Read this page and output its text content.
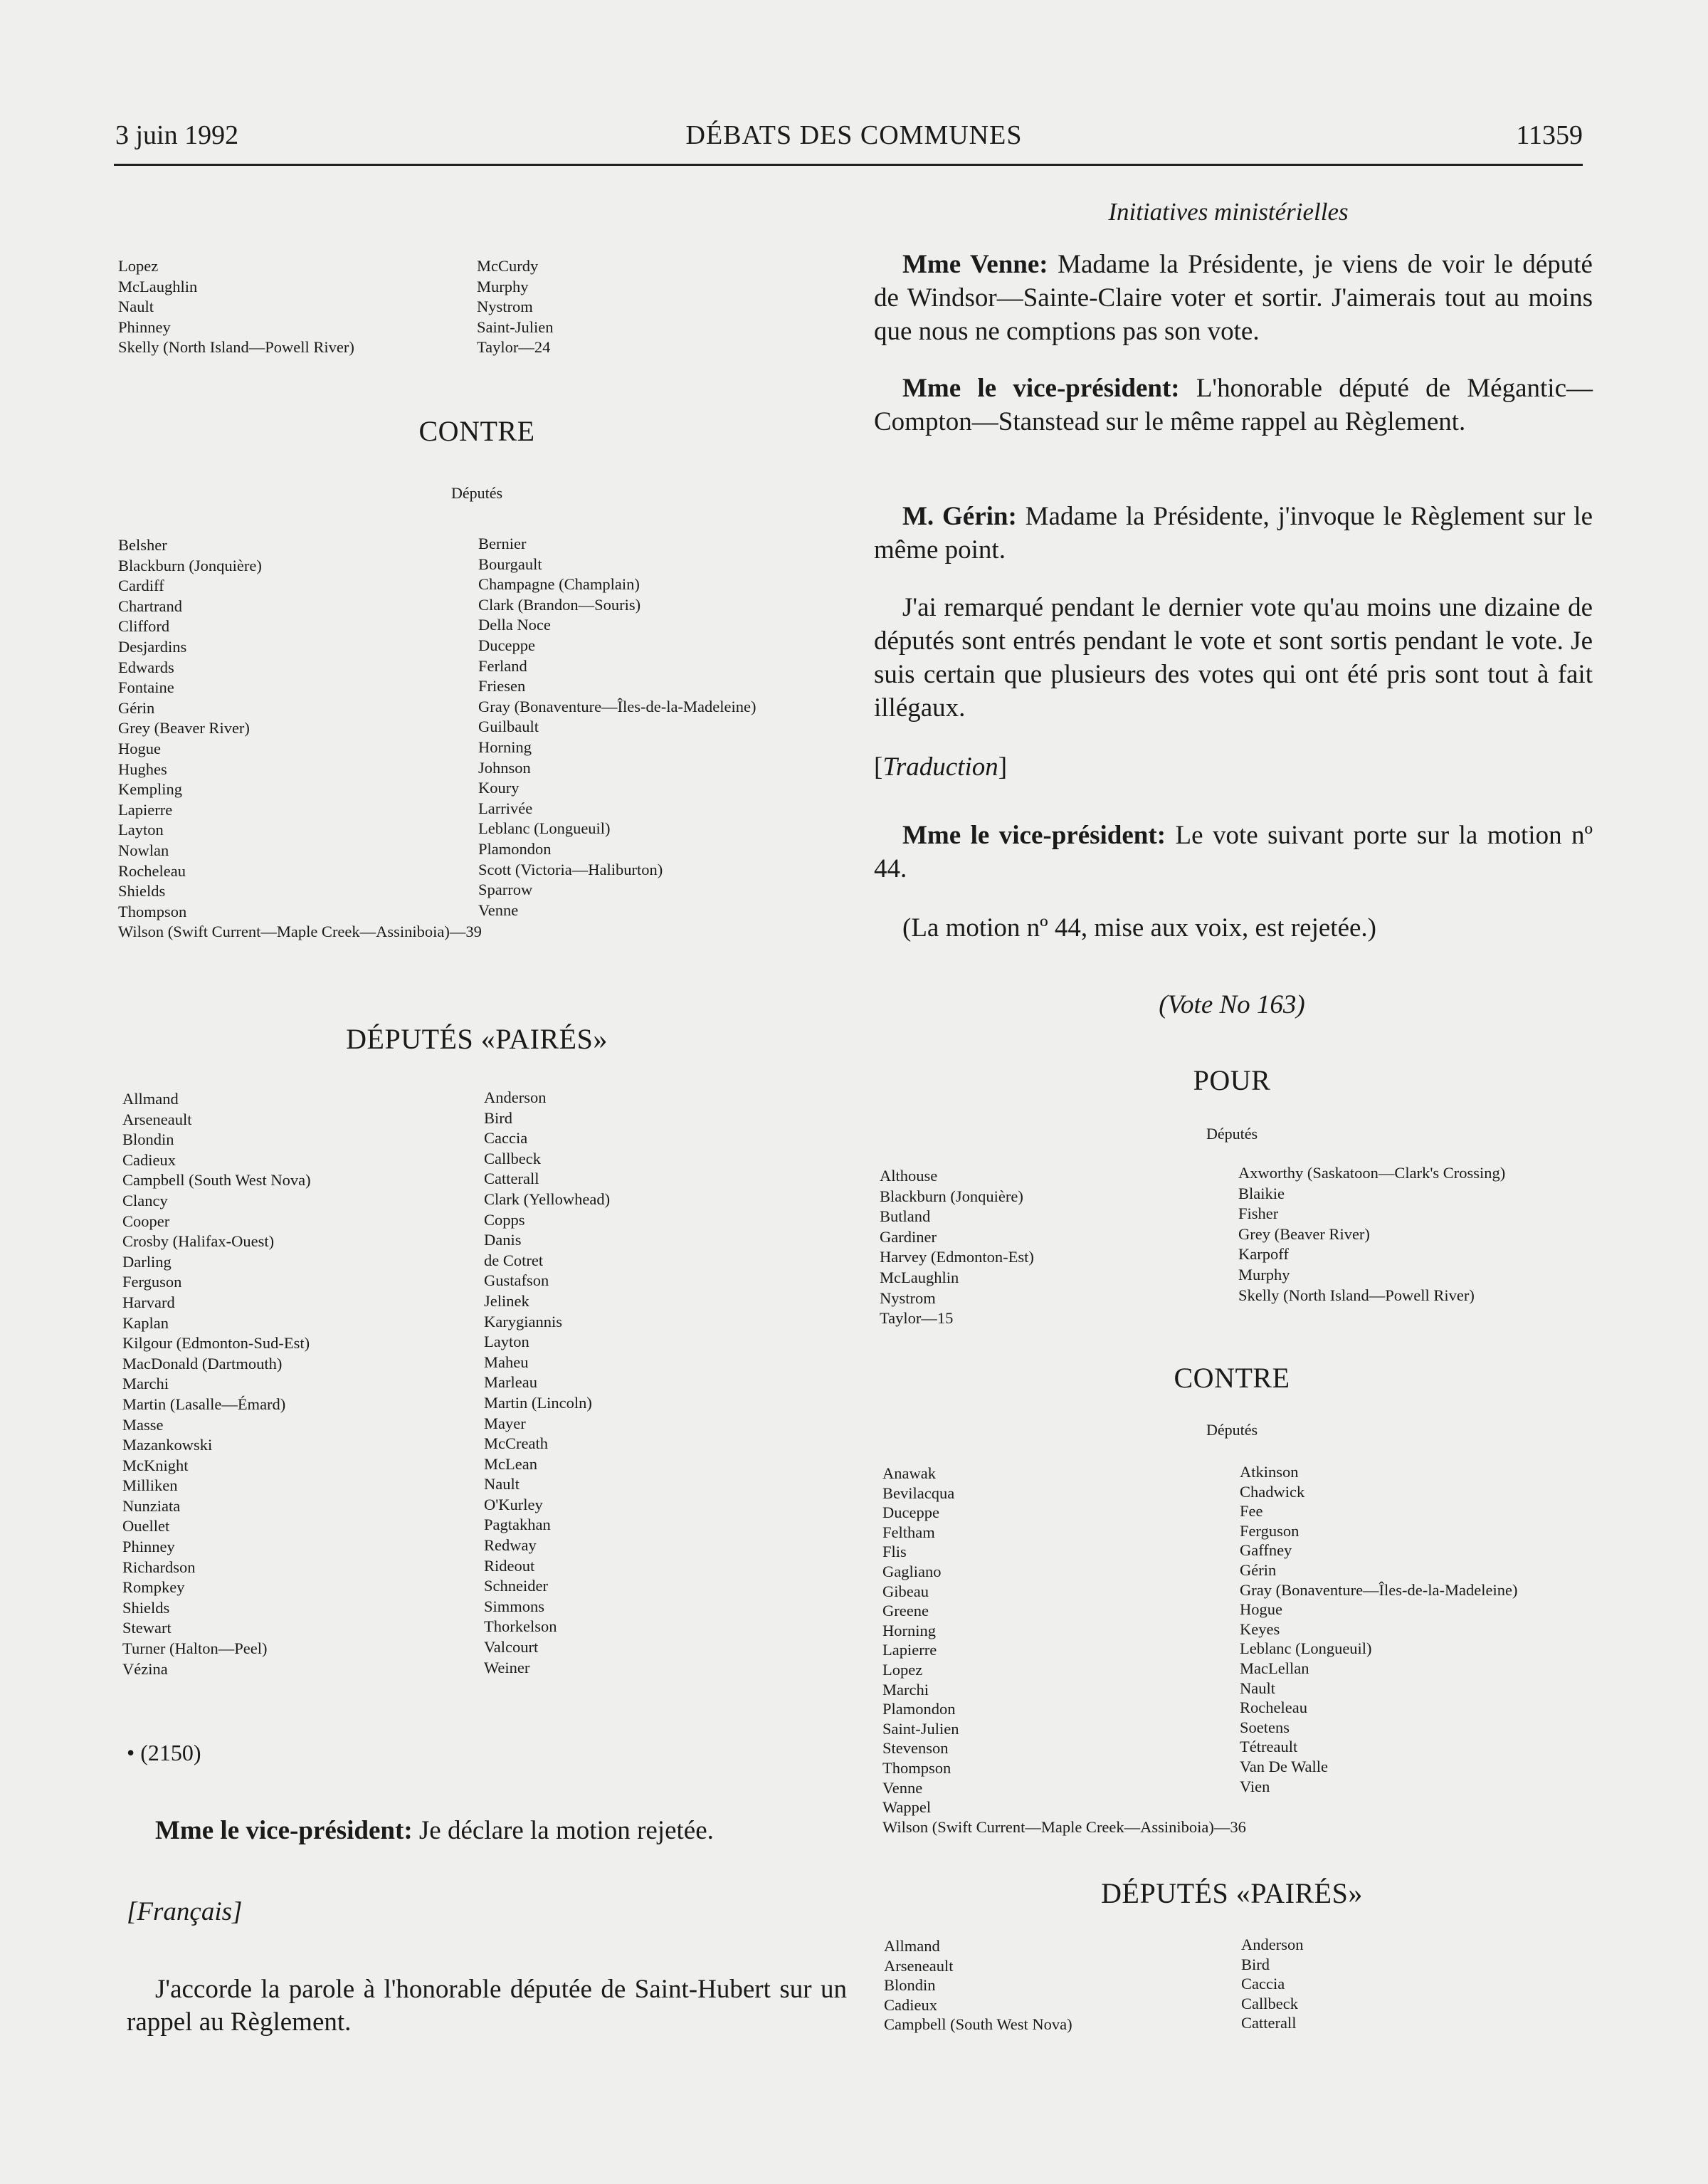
3 juin 1992	DÉBATS DES COMMUNES	11359
Lopez
McLaughlin
Nault
Phinney
Skelly (North Island—Powell River)
McCurdy
Murphy
Nystrom
Saint-Julien
Taylor—24
CONTRE
Députés
Belsher
Blackburn (Jonquière)
Cardiff
Chartrand
Clifford
Desjardins
Edwards
Fontaine
Gérin
Grey (Beaver River)
Hogue
Hughes
Kempling
Lapierre
Layton
Nowlan
Rocheleau
Shields
Thompson
Wilson (Swift Current—Maple Creek—Assiniboia)—39
Bernier
Bourgault
Champagne (Champlain)
Clark (Brandon—Souris)
Della Noce
Duceppe
Ferland
Friesen
Gray (Bonaventure—Îles-de-la-Madeleine)
Guilbault
Horning
Johnson
Koury
Larrivée
Leblanc (Longueuil)
Plamondon
Scott (Victoria—Haliburton)
Sparrow
Venne
DÉPUTÉS «PAIRÉS»
Allmand
Arseneault
Blondin
Cadieux
Campbell (South West Nova)
Clancy
Cooper
Crosby (Halifax-Ouest)
Darling
Ferguson
Harvard
Kaplan
Kilgour (Edmonton-Sud-Est)
MacDonald (Dartmouth)
Marchi
Martin (Lasalle—Émard)
Masse
Mazankowski
McKnight
Milliken
Nunziata
Ouellet
Phinney
Richardson
Rompkey
Shields
Stewart
Turner (Halton—Peel)
Vézina
Anderson
Bird
Caccia
Callbeck
Catterall
Clark (Yellowhead)
Copps
Danis
de Cotret
Gustafson
Jelinek
Karygiannis
Layton
Maheu
Marleau
Martin (Lincoln)
Mayer
McCreath
McLean
Nault
O'Kurley
Pagtakhan
Redway
Rideout
Schneider
Simmons
Thorkelson
Valcourt
Weiner
• (2150)
Mme le vice-président: Je déclare la motion rejetée.
[Français]
J'accorde la parole à l'honorable députée de Saint-Hubert sur un rappel au Règlement.
Initiatives ministérielles
Mme Venne: Madame la Présidente, je viens de voir le député de Windsor—Sainte-Claire voter et sortir. J'aimerais tout au moins que nous ne comptions pas son vote.
Mme le vice-président: L'honorable député de Mégantic—Compton—Stanstead sur le même rappel au Règlement.
M. Gérin: Madame la Présidente, j'invoque le Règlement sur le même point.
J'ai remarqué pendant le dernier vote qu'au moins une dizaine de députés sont entrés pendant le vote et sont sortis pendant le vote. Je suis certain que plusieurs des votes qui ont été pris sont tout à fait illégaux.
[Traduction]
Mme le vice-président: Le vote suivant porte sur la motion nº 44.
(La motion nº 44, mise aux voix, est rejetée.)
(Vote No 163)
POUR
Députés
Althouse
Blackburn (Jonquière)
Butland
Gardiner
Harvey (Edmonton-Est)
McLaughlin
Nystrom
Taylor—15
Axworthy (Saskatoon—Clark's Crossing)
Blaikie
Fisher
Grey (Beaver River)
Karpoff
Murphy
Skelly (North Island—Powell River)
CONTRE
Députés
Anawak
Bevilacqua
Duceppe
Feltham
Flis
Gagliano
Gibeau
Greene
Horning
Lapierre
Lopez
Marchi
Plamondon
Saint-Julien
Stevenson
Thompson
Venne
Wappel
Wilson (Swift Current—Maple Creek—Assiniboia)—36
Atkinson
Chadwick
Fee
Ferguson
Gaffney
Gérin
Gray (Bonaventure—Îles-de-la-Madeleine)
Hogue
Keyes
Leblanc (Longueuil)
MacLellan
Nault
Rocheleau
Soetens
Tétreault
Van De Walle
Vien
DÉPUTÉS «PAIRÉS»
Allmand
Arseneault
Blondin
Cadieux
Campbell (South West Nova)
Anderson
Bird
Caccia
Callbeck
Catterall
